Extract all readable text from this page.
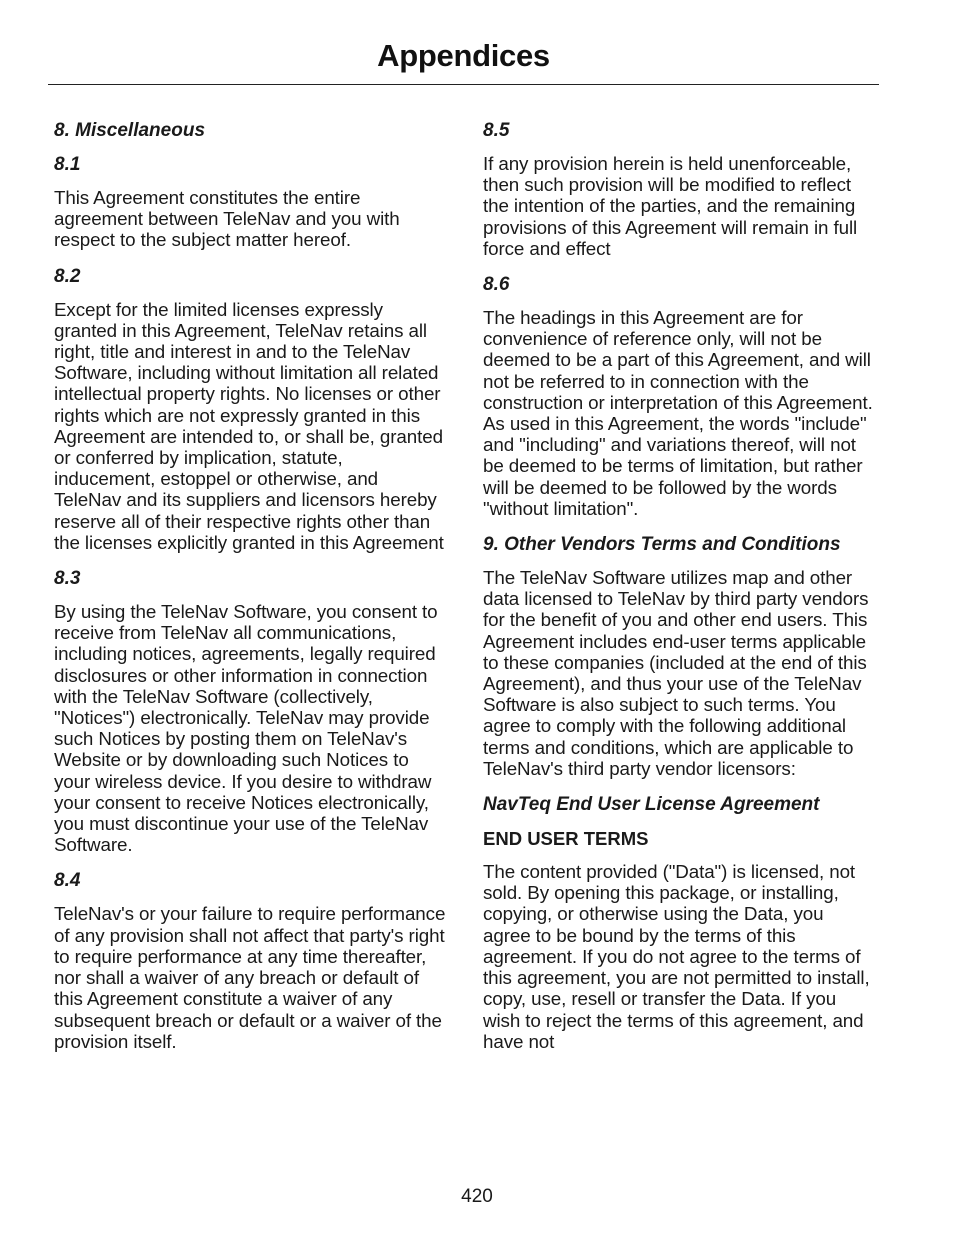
Appendices
8. Miscellaneous
8.1

This Agreement constitutes the entire agreement between TeleNav and you with respect to the subject matter hereof.

8.2

Except for the limited licenses expressly granted in this Agreement, TeleNav retains all right, title and interest in and to the TeleNav Software, including without limitation all related intellectual property rights. No licenses or other rights which are not expressly granted in this Agreement are intended to, or shall be, granted or conferred by implication, statute, inducement, estoppel or otherwise, and TeleNav and its suppliers and licensors hereby reserve all of their respective rights other than the licenses explicitly granted in this Agreement

8.3

By using the TeleNav Software, you consent to receive from TeleNav all communications, including notices, agreements, legally required disclosures or other information in connection with the TeleNav Software (collectively, "Notices") electronically. TeleNav may provide such Notices by posting them on TeleNav's Website or by downloading such Notices to your wireless device. If you desire to withdraw your consent to receive Notices electronically, you must discontinue your use of the TeleNav Software.

8.4

TeleNav's or your failure to require performance of any provision shall not affect that party's right to require performance at any time thereafter, nor shall a waiver of any breach or default of this Agreement constitute a waiver of any subsequent breach or default or a waiver of the provision itself.

8.5

If any provision herein is held unenforceable, then such provision will be modified to reflect the intention of the parties, and the remaining provisions of this Agreement will remain in full force and effect

8.6

The headings in this Agreement are for convenience of reference only, will not be deemed to be a part of this Agreement, and will not be referred to in connection with the construction or interpretation of this Agreement. As used in this Agreement, the words "include" and "including" and variations thereof, will not be deemed to be terms of limitation, but rather will be deemed to be followed by the words "without limitation".

9. Other Vendors Terms and Conditions

The TeleNav Software utilizes map and other data licensed to TeleNav by third party vendors for the benefit of you and other end users. This Agreement includes end-user terms applicable to these companies (included at the end of this Agreement), and thus your use of the TeleNav Software is also subject to such terms. You agree to comply with the following additional terms and conditions, which are applicable to TeleNav's third party vendor licensors:

NavTeq End User License Agreement
END USER TERMS

The content provided ("Data") is licensed, not sold. By opening this package, or installing, copying, or otherwise using the Data, you agree to be bound by the terms of this agreement. If you do not agree to the terms of this agreement, you are not permitted to install, copy, use, resell or transfer the Data. If you wish to reject the terms of this agreement, and have not

420
